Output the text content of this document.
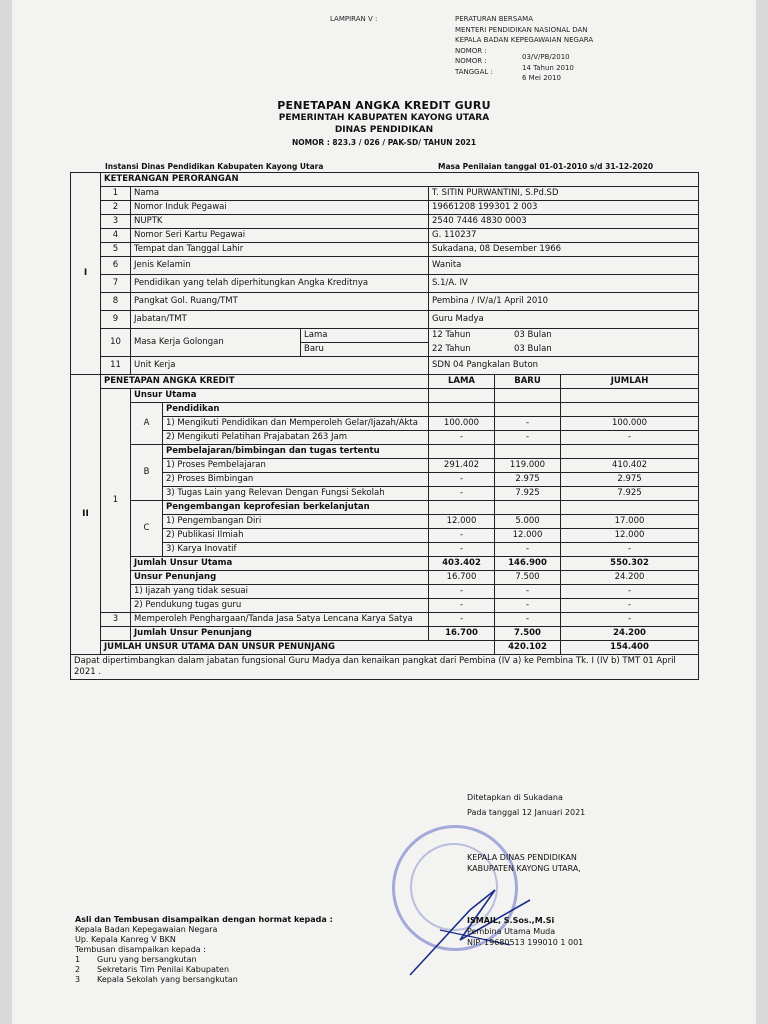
LAMPIRAN V :	PERATURAN BERSAMA
MENTERI PENDIDIKAN NASIONAL DAN
KEPALA BADAN KEPEGAWAIAN NEGARA
NOMOR :
NOMOR :
TANGGAL :
03/V/PB/2010
14 Tahun 2010
6 Mei 2010
PENETAPAN ANGKA KREDIT GURU
PEMERINTAH KABUPATEN KAYONG UTARA
DINAS PENDIDIKAN
NOMOR : 823.3 / 026 / PAK-SD/ TAHUN 2021
Instansi Dinas Pendidikan Kabupaten Kayong Utara	Masa Penilaian tanggal 01-01-2010 s/d 31-12-2020
I	KETERANGAN PERORANGAN							
	1	Nama			T. SITIN PURWANTINI, S.Pd.SD			
	2	Nomor Induk Pegawai			19661208 199301 2 003			
	3	NUPTK			2540 7446 4830 0003			
	4	Nomor Seri Kartu Pegawai			G. 110237			
	5	Tempat dan Tanggal Lahir			Sukadana, 08 Desember 1966			
	6	Jenis Kelamin			Wanita			
	7	Pendidikan yang telah diperhitungkan Angka Kreditnya			S.1/A. IV			
	8	Pangkat Gol. Ruang/TMT			Pembina / IV/a/1 April 2010			
	9	Jabatan/TMT			Guru Madya			
	10	Masa Kerja Golongan		Lama	12 Tahun 03 Bulan			
				Baru	22 Tahun 03 Bulan			
	11	Unit Kerja			SDN 04 Pangkalan Buton			
II	PENETAPAN ANGKA KREDIT				LAMA	BARU	JUMLAH	
	1	Unsur Utama						
		A	Pendidikan					
			1) Mengikuti Pendidikan dan Memperoleh Gelar/Ijazah/Akta		100.000	-	100.000	
			2) Mengikuti Pelatihan Prajabatan 263 Jam		-	-	-	
		B	Pembelajaran/bimbingan dan tugas tertentu					
			1) Proses Pembelajaran		291.402	119.000	410.402	
			2) Proses Bimbingan		-	2.975	2.975	
			3) Tugas Lain yang Relevan Dengan Fungsi Sekolah		-	7.925	7.925	
		C	Pengembangan keprofesian berkelanjutan					
			1) Pengembangan Diri		12.000	5.000	17.000	
			2) Publikasi Ilmiah		-	12.000	12.000	
			3) Karya Inovatif		-	-	-	
		Jumlah Unsur Utama			403.402	146.900	550.302	
		Unsur Penunjang			16.700	7.500	24.200	
		1) Ijazah yang tidak sesuai			-	-	-	
		2) Pendukung tugas guru			-	-	-	

	3	Memperoleh Penghargaan/Tanda Jasa Satya Lencana Karya Satya			-	-	-	
		Jumlah Unsur Penunjang			16.700	7.500	24.200	
	JUMLAH UNSUR UTAMA DAN UNSUR PENUNJANG					420.102	154.400	
Dapat dipertimbangkan dalam jabatan fungsional Guru Madya dan kenaikan pangkat dari Pembina (IV a) ke Pembina Tk. I (IV b) TMT 01 April 2021 .								
Ditetapkan di Sukadana
Pada tanggal 12 Januari 2021
KEPALA DINAS PENDIDIKAN
KABUPATEN KAYONG UTARA,
ISMAIL, S.Sos.,M.Si
Pembina Utama Muda
NIP. 19680513 199010 1 001
Asli dan Tembusan disampaikan dengan hormat kepada :
Kepala Badan Kepegawaian Negara
Up. Kepala Kanreg V BKN
Tembusan disampaikan kepada :
1 Guru yang bersangkutan
2 Sekretaris Tim Penilai Kabupaten
3 Kepala Sekolah yang bersangkutan
